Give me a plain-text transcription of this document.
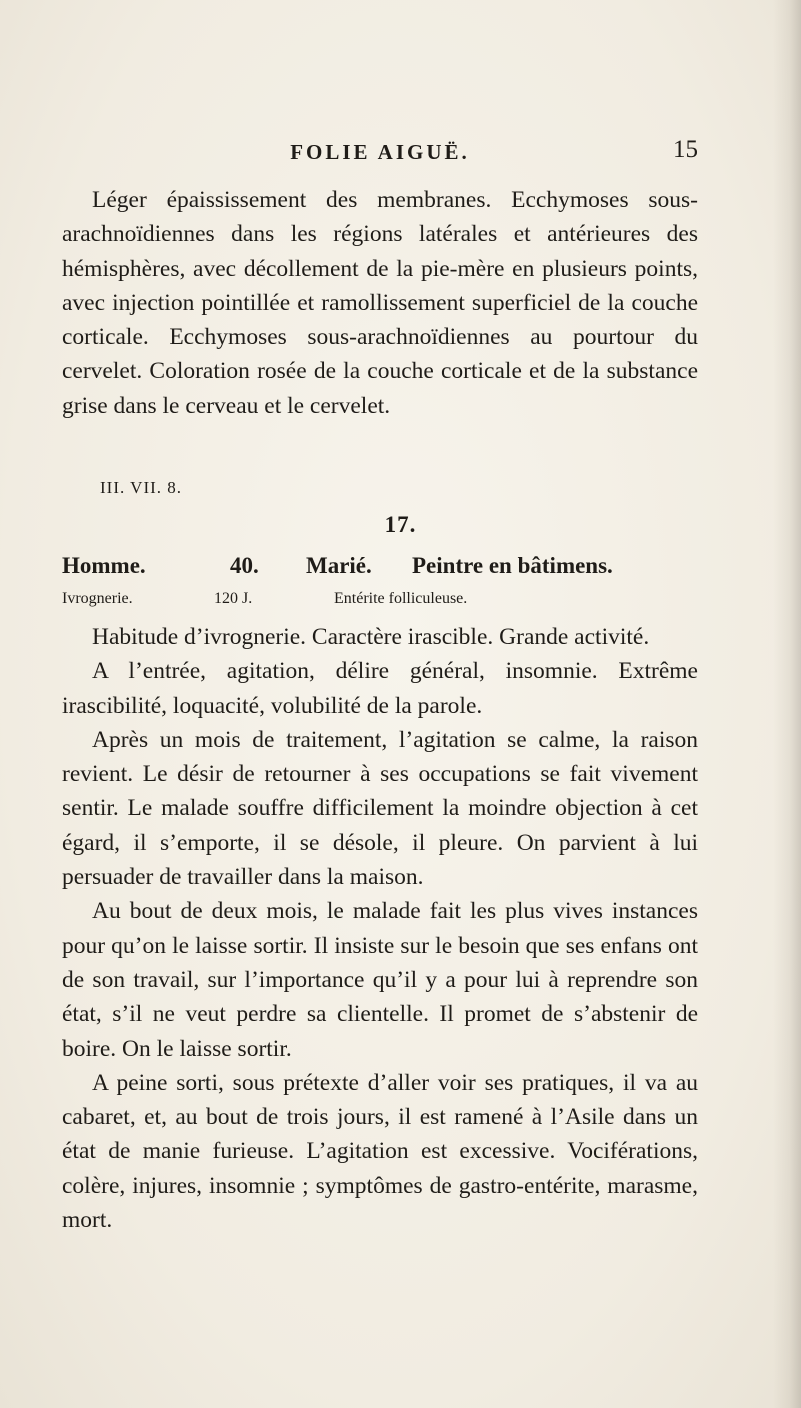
FOLIE AIGUË.	15

Léger épaississement des membranes. Ecchymoses sous-arachnoïdiennes dans les régions latérales et antérieures des hémisphères, avec décollement de la pie-mère en plusieurs points, avec injection pointillée et ramollissement superficiel de la couche corticale. Ecchymoses sous-arachnoïdiennes au pourtour du cervelet. Coloration rosée de la couche corticale et de la substance grise dans le cerveau et le cervelet.

III. VII. 8.
17.
Homme.	40. Marié. Peintre en bâtimens.
Ivrognerie.	120 J.	Entérite folliculeuse.

Habitude d’ivrognerie. Caractère irascible. Grande activité.

A l’entrée, agitation, délire général, insomnie. Extrême irascibilité, loquacité, volubilité de la parole.

Après un mois de traitement, l’agitation se calme, la raison revient. Le désir de retourner à ses occupations se fait vivement sentir. Le malade souffre difficilement la moindre objection à cet égard, il s’emporte, il se désole, il pleure. On parvient à lui persuader de travailler dans la maison.

Au bout de deux mois, le malade fait les plus vives instances pour qu’on le laisse sortir. Il insiste sur le besoin que ses enfans ont de son travail, sur l’importance qu’il y a pour lui à reprendre son état, s’il ne veut perdre sa clientelle. Il promet de s’abstenir de boire. On le laisse sortir.

A peine sorti, sous prétexte d’aller voir ses pratiques, il va au cabaret, et, au bout de trois jours, il est ramené à l’Asile dans un état de manie furieuse. L’agitation est excessive. Vociférations, colère, injures, insomnie ; symptômes de gastro-entérite, marasme, mort.
